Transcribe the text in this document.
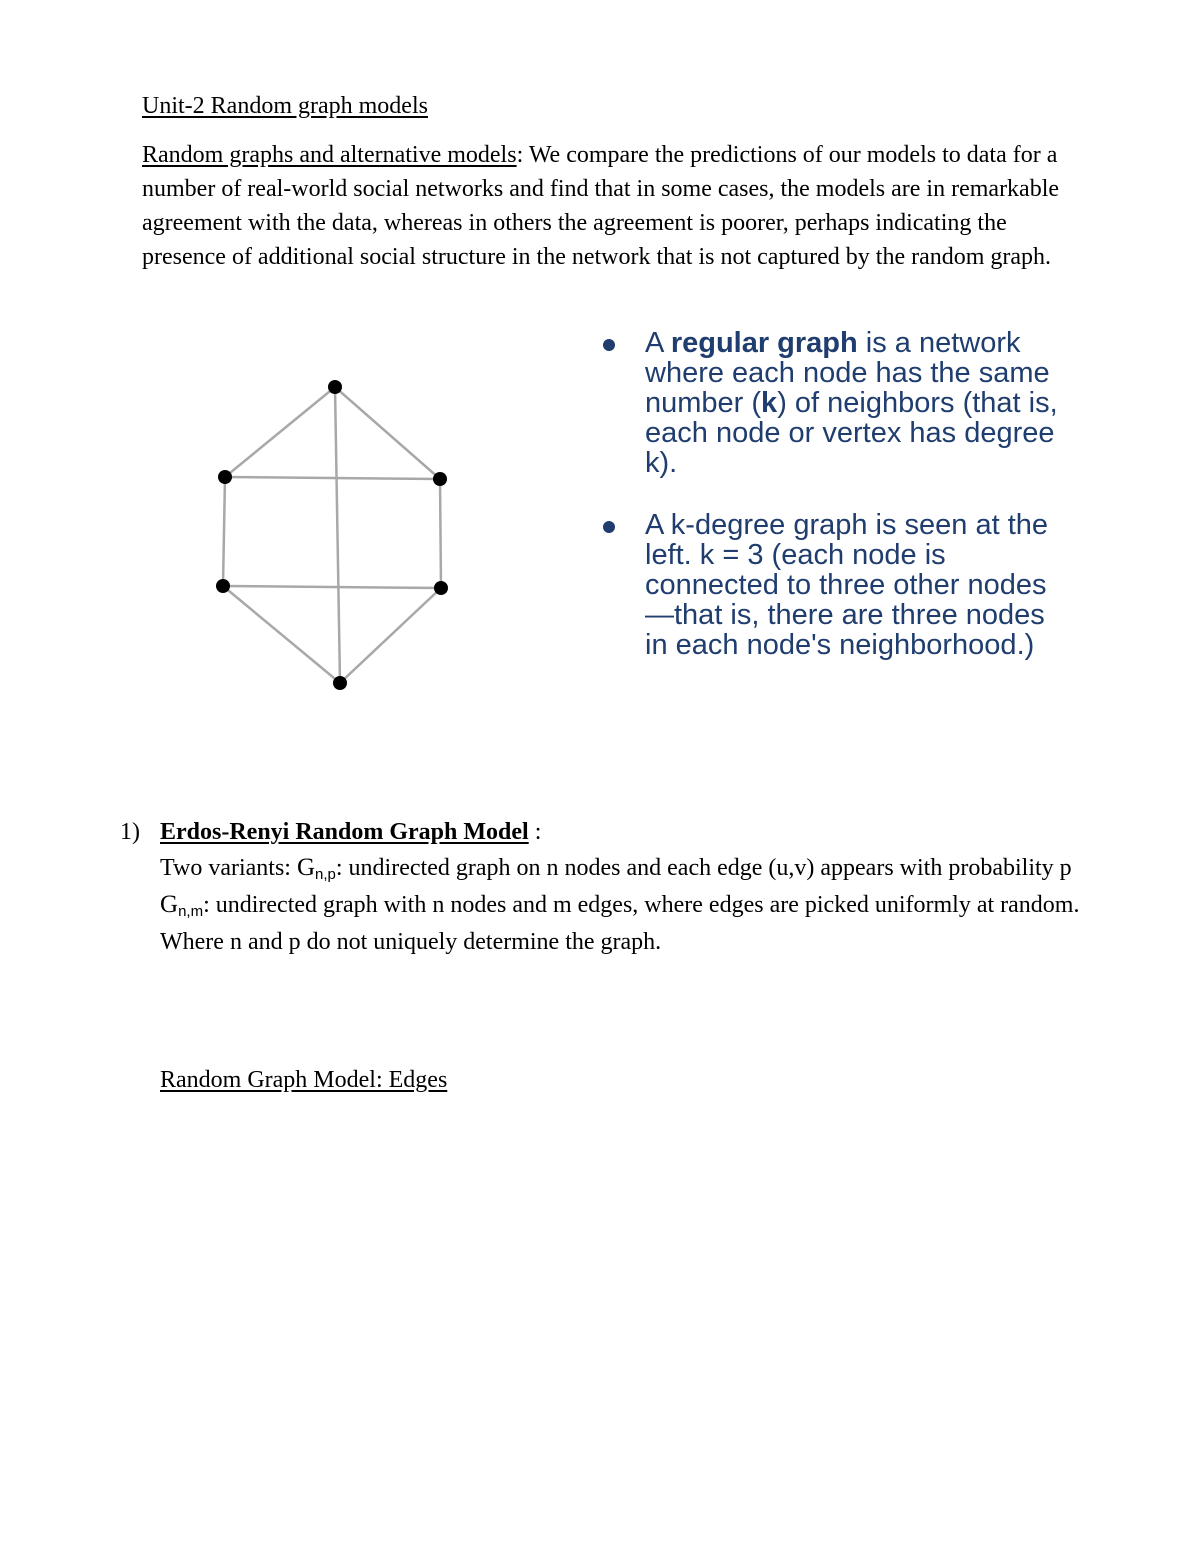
Unit-2 Random graph models
Random graphs and alternative models: We compare the predictions of our models to data for a number of real-world social networks and find that in some cases, the models are in remarkable agreement with the data, whereas in others the agreement is poorer, perhaps indicating the presence of additional social structure in the network that is not captured by the random graph.
A regular graph is a network where each node has the same number (k) of neighbors (that is, each node or vertex has degree k).
A k-degree graph is seen at the left. k = 3 (each node is connected to three other nodes—that is, there are three nodes in each node's neighborhood.)
1) Erdos-Renyi Random Graph Model :

Two variants: Gn,p: undirected graph on n nodes and each edge (u,v) appears with probability p

Gn,m: undirected graph with n nodes and m edges, where edges are picked uniformly at random.

Where n and p do not uniquely determine the graph.

Random Graph Model: Edges
